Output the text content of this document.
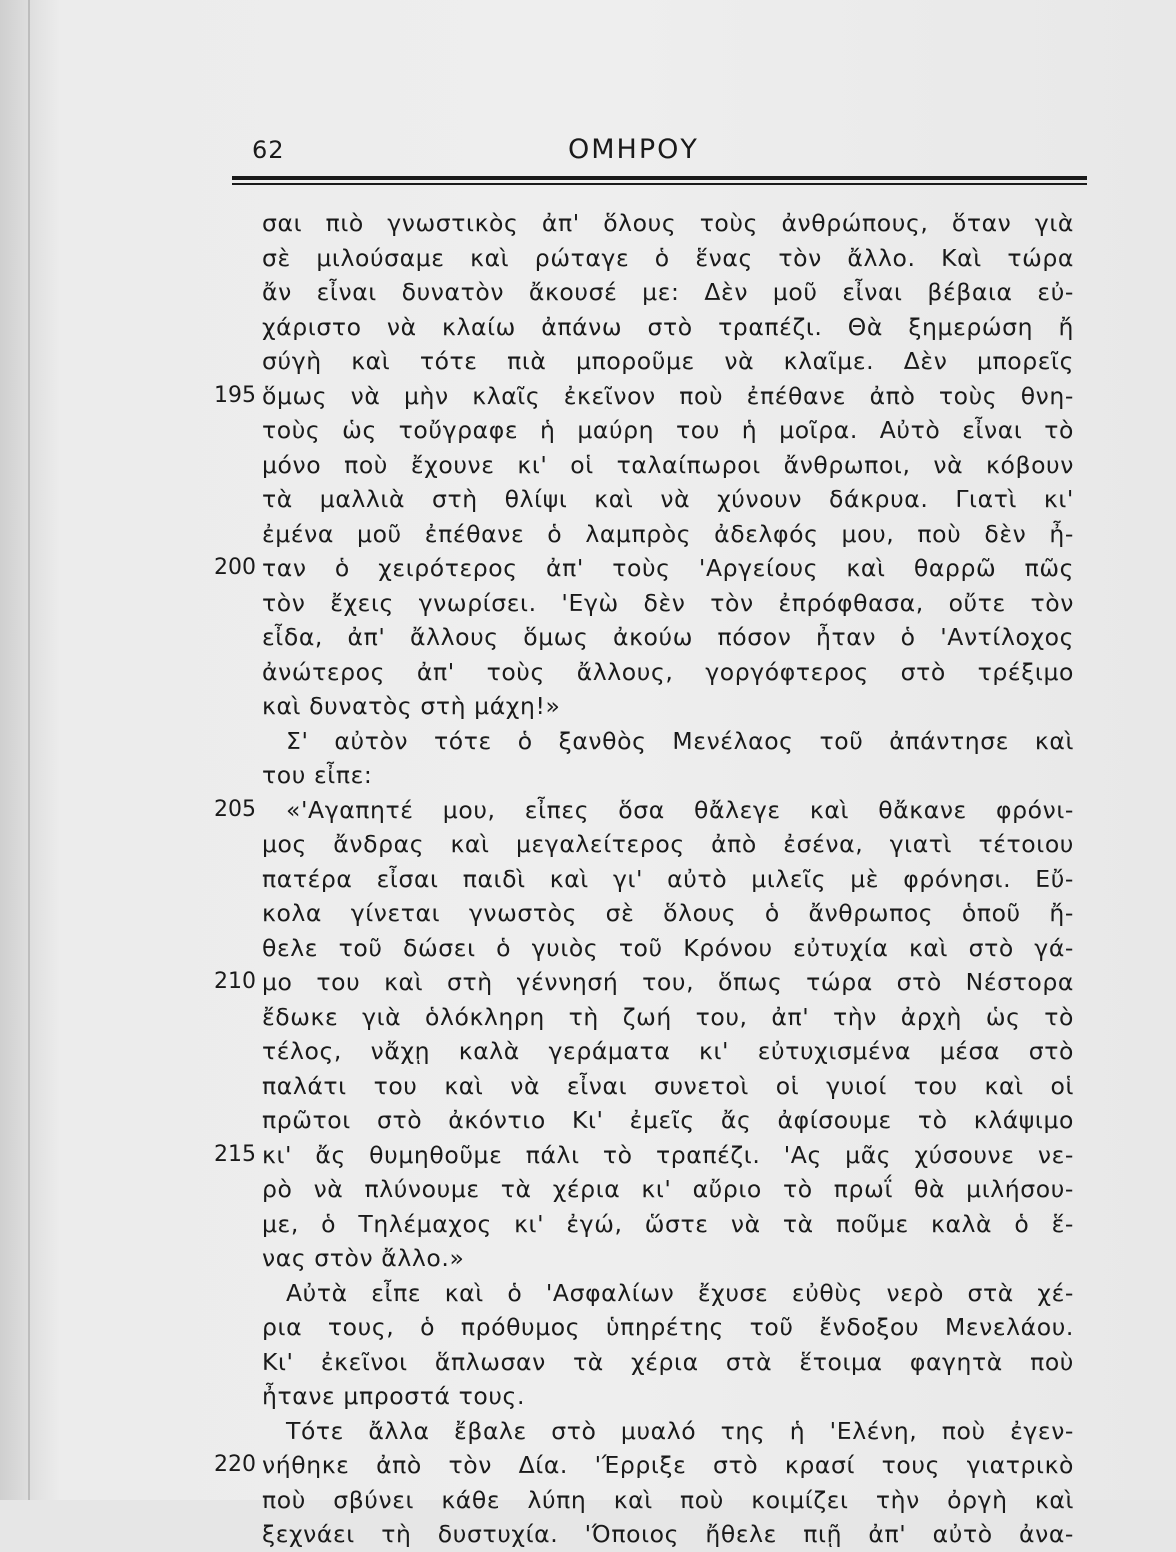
62	ΟΜΗΡΟΥ
195
200
205
210
215
220
σαι πιὸ γνωστικὸς ἀπ' ὅλους τοὺς ἀνθρώπους, ὅταν γιὰ
σὲ μιλούσαμε καὶ ρώταγε ὁ ἕνας τὸν ἄλλο. Καὶ τώρα
ἄν εἶναι δυνατὸν ἄκουσέ με: Δὲν μοῦ εἶναι βέβαια εὐ-
χάριστο νὰ κλαίω ἀπάνω στὸ τραπέζι. Θὰ ξημερώση ἤ
σύγὴ καὶ τότε πιὰ μποροῦμε νὰ κλαῖμε. Δὲν μπορεῖς
ὅμως νὰ μὴν κλαῖς ἐκεῖνον ποὺ ἐπέθανε ἀπὸ τοὺς θνη-
τοὺς ὡς τοὔγραφε ἡ μαύρη του ἡ μοῖρα. Αὐτὸ εἶναι τὸ
μόνο ποὺ ἔχουνε κι' οἱ ταλαίπωροι ἄνθρωποι, νὰ κόβουν
τὰ μαλλιὰ στὴ θλίψι καὶ νὰ χύνουν δάκρυα. Γιατὶ κι'
ἐμένα μοῦ ἐπέθανε ὁ λαμπρὸς ἀδελφός μου, ποὺ δὲν ἦ-
ταν ὁ χειρότερος ἀπ' τοὺς 'Αργείους καὶ θαρρῶ πῶς
τὸν ἔχεις γνωρίσει. 'Εγὼ δὲν τὸν ἐπρόφθασα, οὔτε τὸν
εἶδα, ἀπ' ἄλλους ὅμως ἀκούω πόσον ἦταν ὁ 'Αντίλοχος
ἀνώτερος ἀπ' τοὺς ἄλλους, γοργόφτερος στὸ τρέξιμο
καὶ δυνατὸς στὴ μάχη!»
Σ' αὐτὸν τότε ὁ ξανθὸς Μενέλαος τοῦ ἀπάντησε καὶ
του εἶπε:
«'Αγαπητέ μου, εἶπες ὅσα θἄλεγε καὶ θἄκανε φρόνι-
μος ἄνδρας καὶ μεγαλείτερος ἀπὸ ἐσένα, γιατὶ τέτοιου
πατέρα εἶσαι παιδὶ καὶ γι' αὐτὸ μιλεῖς μὲ φρόνησι. Εὔ-
κολα γίνεται γνωστὸς σὲ ὅλους ὁ ἄνθρωπος ὁποῦ ἤ-
θελε τοῦ δώσει ὁ γυιὸς τοῦ Κρόνου εὐτυχία καὶ στὸ γά-
μο του καὶ στὴ γέννησή του, ὅπως τώρα στὸ Νέστορα
ἔδωκε γιὰ ὁλόκληρη τὴ ζωή του, ἀπ' τὴν ἀρχὴ ὡς τὸ
τέλος, νἄχῃ καλὰ γεράματα κι' εὐτυχισμένα μέσα στὸ
παλάτι του καὶ νὰ εἶναι συνετοὶ οἱ γυιοί του καὶ οἱ
πρῶτοι στὸ ἀκόντιο Κι' ἐμεῖς ἄς ἀφίσουμε τὸ κλάψιμο
κι' ἄς θυμηθοῦμε πάλι τὸ τραπέζι. 'Ας μᾶς χύσουνε νε-
ρὸ νὰ πλύνουμε τὰ χέρια κι' αὔριο τὸ πρωΐ θὰ μιλήσου-
με, ὁ Τηλέμαχος κι' ἐγώ, ὥστε νὰ τὰ ποῦμε καλὰ ὁ ἕ-
νας στὸν ἄλλο.»
Αὐτὰ εἶπε καὶ ὁ 'Ασφαλίων ἔχυσε εὐθὺς νερὸ στὰ χέ-
ρια τους, ὁ πρόθυμος ὑπηρέτης τοῦ ἔνδοξου Μενελάου.
Κι' ἐκεῖνοι ἅπλωσαν τὰ χέρια στὰ ἕτοιμα φαγητὰ ποὺ
ἦτανε μπροστά τους.
Τότε ἄλλα ἔβαλε στὸ μυαλό της ἡ 'Ελένη, ποὺ ἐγεν-
νήθηκε ἀπὸ τὸν Δία. 'Έρριξε στὸ κρασί τους γιατρικὸ
ποὺ σβύνει κάθε λύπη καὶ ποὺ κοιμίζει τὴν ὀργὴ καὶ
ξεχνάει τὴ δυστυχία. 'Όποιος ἤθελε πιῇ ἀπ' αὐτὸ ἀνα-
